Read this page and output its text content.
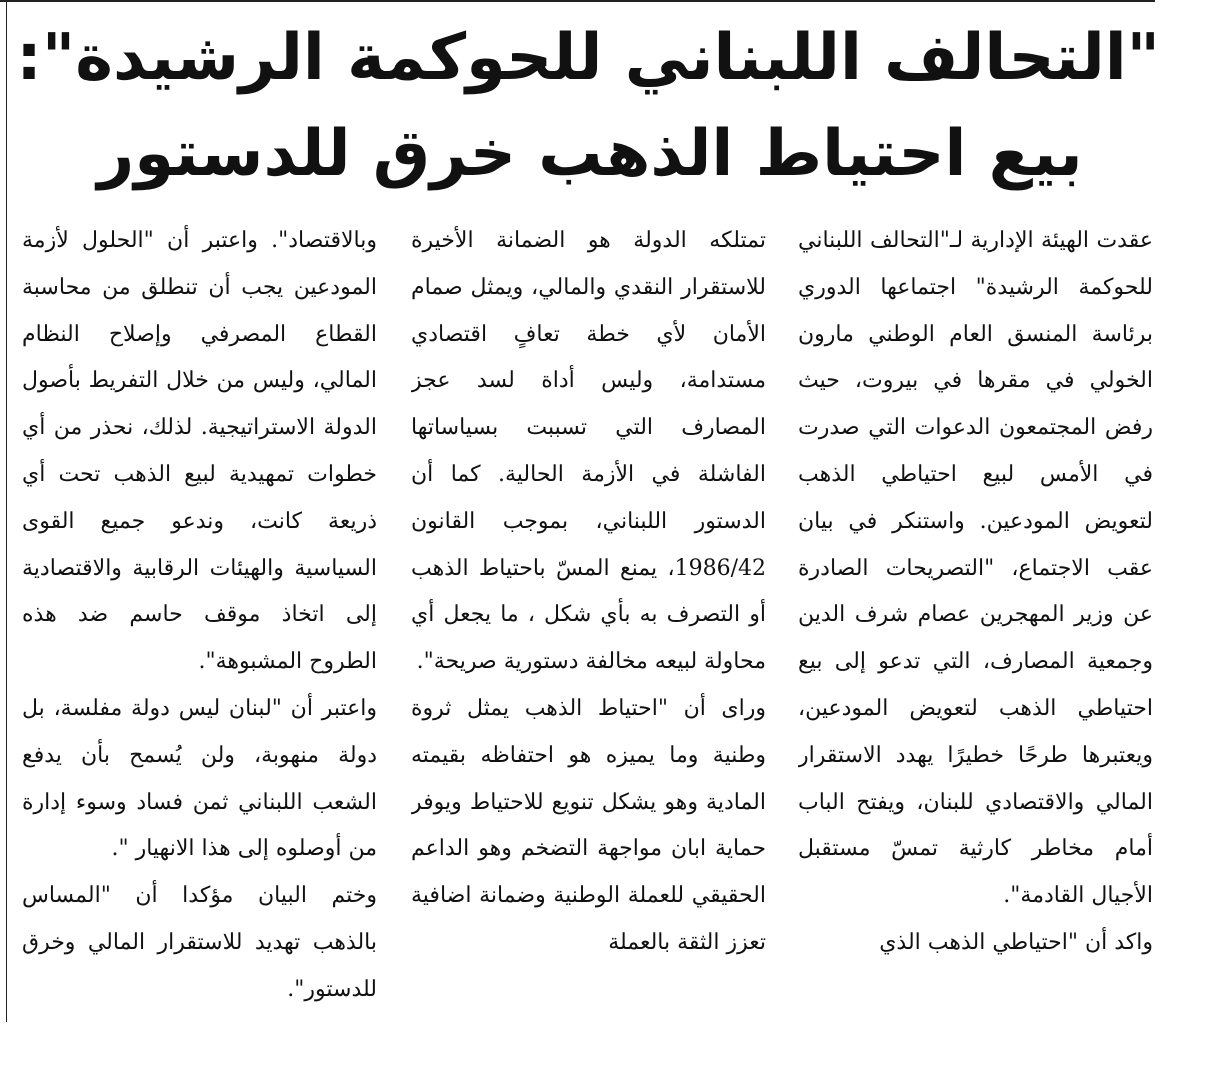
"التحالف اللبناني للحوكمة الرشيدة":
بيع احتياط الذهب خرق للدستور

عقدت الهيئة الإدارية لـ"التحالف اللبناني للحوكمة الرشيدة" اجتماعها الدوري برئاسة المنسق العام الوطني مارون الخولي في مقرها في بيروت، حيث رفض المجتمعون الدعوات التي صدرت في الأمس لبيع احتياطي الذهب لتعويض المودعين. واستنكر في بيان عقب الاجتماع، "التصريحات الصادرة عن وزير المهجرين عصام شرف الدين وجمعية المصارف، التي تدعو إلى بيع احتياطي الذهب لتعويض المودعين، ويعتبرها طرحًا خطيرًا يهدد الاستقرار المالي والاقتصادي للبنان، ويفتح الباب أمام مخاطر كارثية تمسّ مستقبل الأجيال القادمة".

واكد أن "احتياطي الذهب الذي

تمتلكه الدولة هو الضمانة الأخيرة للاستقرار النقدي والمالي، ويمثل صمام الأمان لأي خطة تعافٍ اقتصادي مستدامة، وليس أداة لسد عجز المصارف التي تسببت بسياساتها الفاشلة في الأزمة الحالية. كما أن الدستور اللبناني، بموجب القانون 1986/42، يمنع المسّ باحتياط الذهب أو التصرف به بأي شكل ، ما يجعل أي محاولة لبيعه مخالفة دستورية صريحة".

وراى أن "احتياط الذهب يمثل ثروة وطنية وما يميزه هو احتفاظه بقيمته المادية وهو يشكل تنويع للاحتياط ويوفر حماية ابان مواجهة التضخم وهو الداعم الحقيقي للعملة الوطنية وضمانة اضافية تعزز الثقة بالعملة

وبالاقتصاد". واعتبر أن "الحلول لأزمة المودعين يجب أن تنطلق من محاسبة القطاع المصرفي وإصلاح النظام المالي، وليس من خلال التفريط بأصول الدولة الاستراتيجية. لذلك، نحذر من أي خطوات تمهيدية لبيع الذهب تحت أي ذريعة كانت، وندعو جميع القوى السياسية والهيئات الرقابية والاقتصادية إلى اتخاذ موقف حاسم ضد هذه الطروح المشبوهة".

واعتبر أن "لبنان ليس دولة مفلسة، بل دولة منهوبة، ولن يُسمح بأن يدفع الشعب اللبناني ثمن فساد وسوء إدارة من أوصلوه إلى هذا الانهيار ".

وختم البيان مؤكدا أن "المساس بالذهب تهديد للاستقرار المالي وخرق للدستور".
